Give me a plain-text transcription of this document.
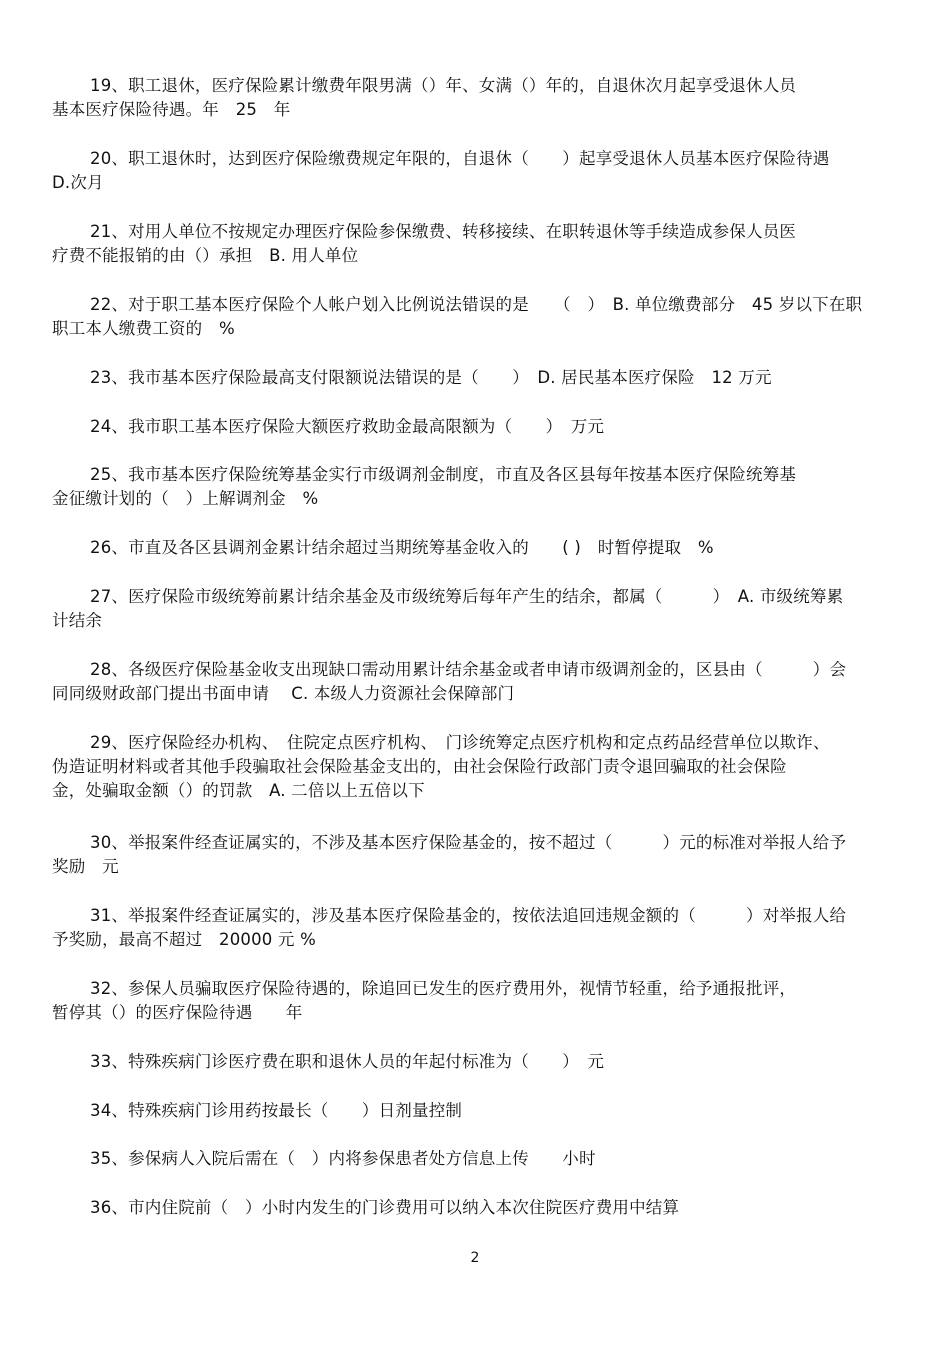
19、职工退休，医疗保险累计缴费年限男满（）年、女满（）年的，自退休次月起享受退休人员
基本医疗保险待遇。年　25　年
20、职工退休时，达到医疗保险缴费规定年限的，自退休（　　）起享受退休人员基本医疗保险待遇
D.次月
21、对用人单位不按规定办理医疗保险参保缴费、转移接续、在职转退休等手续造成参保人员医
疗费不能报销的由（）承担　B. 用人单位
22、对于职工基本医疗保险个人帐户划入比例说法错误的是　　（　）　B. 单位缴费部分　45 岁以下在职
职工本人缴费工资的　%
23、我市基本医疗保险最高支付限额说法错误的是（　　）　D. 居民基本医疗保险　12 万元
24、我市职工基本医疗保险大额医疗救助金最高限额为（　　）　万元
25、我市基本医疗保险统筹基金实行市级调剂金制度，市直及各区县每年按基本医疗保险统筹基
金征缴计划的（　）上解调剂金　%
26、市直及各区县调剂金累计结余超过当期统筹基金收入的　　( )　时暂停提取　%
27、医疗保险市级统筹前累计结余基金及市级统筹后每年产生的结余，都属（　　　）　A. 市级统筹累
计结余
28、各级医疗保险基金收支出现缺口需动用累计结余基金或者申请市级调剂金的，区县由（　　　）会
同同级财政部门提出书面申请　 C. 本级人力资源社会保障部门
29、医疗保险经办机构、　住院定点医疗机构、　门诊统筹定点医疗机构和定点药品经营单位以欺诈、
伪造证明材料或者其他手段骗取社会保险基金支出的，由社会保险行政部门责令退回骗取的社会保险
金，处骗取金额（）的罚款　A. 二倍以上五倍以下
30、举报案件经查证属实的，不涉及基本医疗保险基金的，按不超过（　　　）元的标准对举报人给予
奖励　元
31、举报案件经查证属实的，涉及基本医疗保险基金的，按依法追回违规金额的（　　　）对举报人给
予奖励，最高不超过　20000 元 %
32、参保人员骗取医疗保险待遇的，除追回已发生的医疗费用外，视情节轻重，给予通报批评，
暂停其（）的医疗保险待遇　　年
33、特殊疾病门诊医疗费在职和退休人员的年起付标准为（　　）　元
34、特殊疾病门诊用药按最长（　　）日剂量控制
35、参保病人入院后需在（　）内将参保患者处方信息上传　　小时
36、市内住院前（　）小时内发生的门诊费用可以纳入本次住院医疗费用中结算
2
